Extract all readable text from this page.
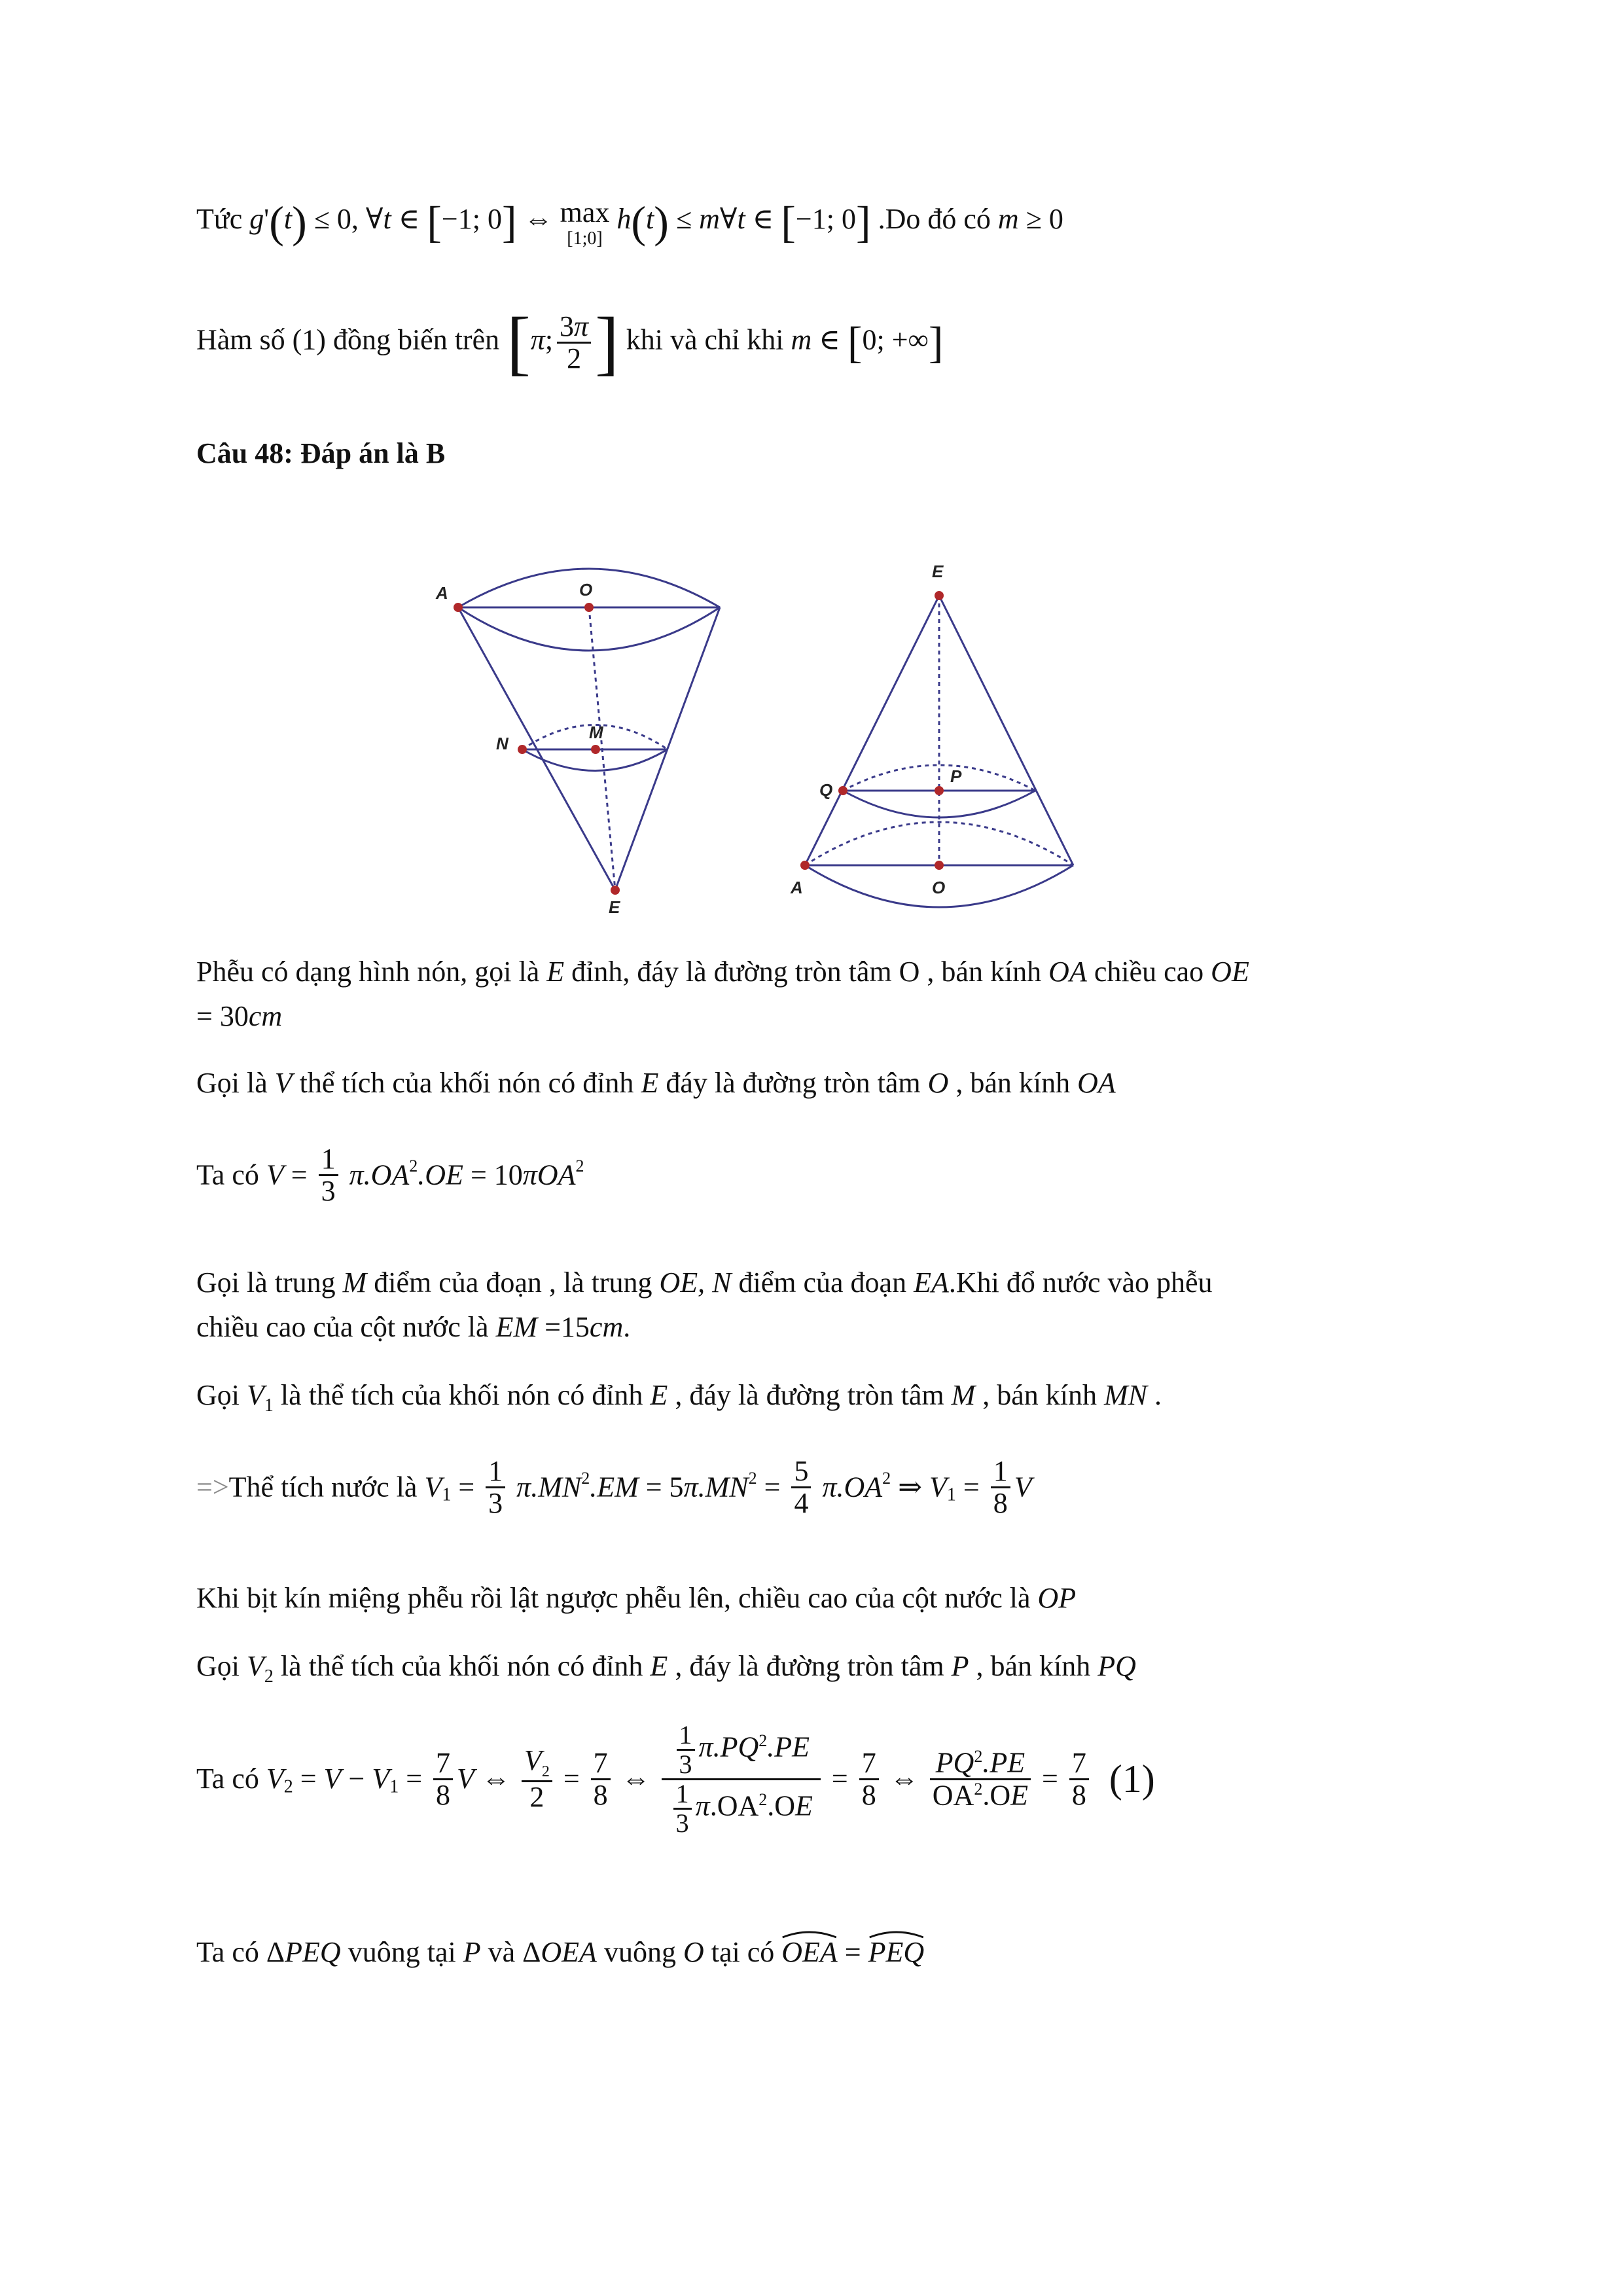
Tức g'(t) ≤ 0, ∀t ∈ [−1; 0] ⇔ max
[1;0]
h(t) ≤ m∀t ∈ [−1; 0] .Do đó có m ≥ 0
Hàm số (1) đồng biến trên [π; $\frac{3\pi}{2}$ ] khi và chỉ khi m ∈ [0; +∞]
Câu 48: Đáp án là B
A	O
N
M
E
E
Q
P
A	O
Phễu có dạng hình nón, gọi là E đỉnh, đáy là đường tròn tâm O , bán kính OA chiều cao OE
= 30cm
Gọi là V thể tích của khối nón có đỉnh E đáy là đường tròn tâm O , bán kính OA
Ta có $V = \frac{1}{3} \pi.OA^2.OE = 10\pi OA^2$
Gọi là trung M điểm của đoạn , là trung OE, N điểm của đoạn EA.Khi đổ nước vào phễu
chiều cao của cột nước là EM =15cm.
Gọi $V_1$ là thể tích của khối nón có đỉnh E , đáy là đường tròn tâm M , bán kính MN .
=>Thể tích nước là $V_1 = \frac{1}{3} \pi.MN^2.EM = 5\pi.MN^2 = \frac{5}{4} \pi.OA^2$ ⇒ $V_1 = \frac{1}{8}$ V
Khi bịt kín miệng phễu rồi lật ngược phễu lên, chiều cao của cột nước là OP
Gọi $V_2$ là thể tích của khối nón có đỉnh E , đáy là đường tròn tâm P , bán kính PQ
Ta có $V_2 = V - V_1 = \frac{7}{8}$ V ⇔ $\frac{V_2}{2} = \frac{7}{8}$ ⇔ $\frac{\frac{1}{3} \pi.PQ^2.PE}{\frac{1}{3} \pi.OA^2.OE} = \frac{7}{8}$ ⇔ $\frac{PQ^2.PE}{OA^2.OE} = \frac{7}{8} (1)$
Ta có ΔPEQ vuông tại P và ΔOEA vuông O tại có OEA
= PEQ
